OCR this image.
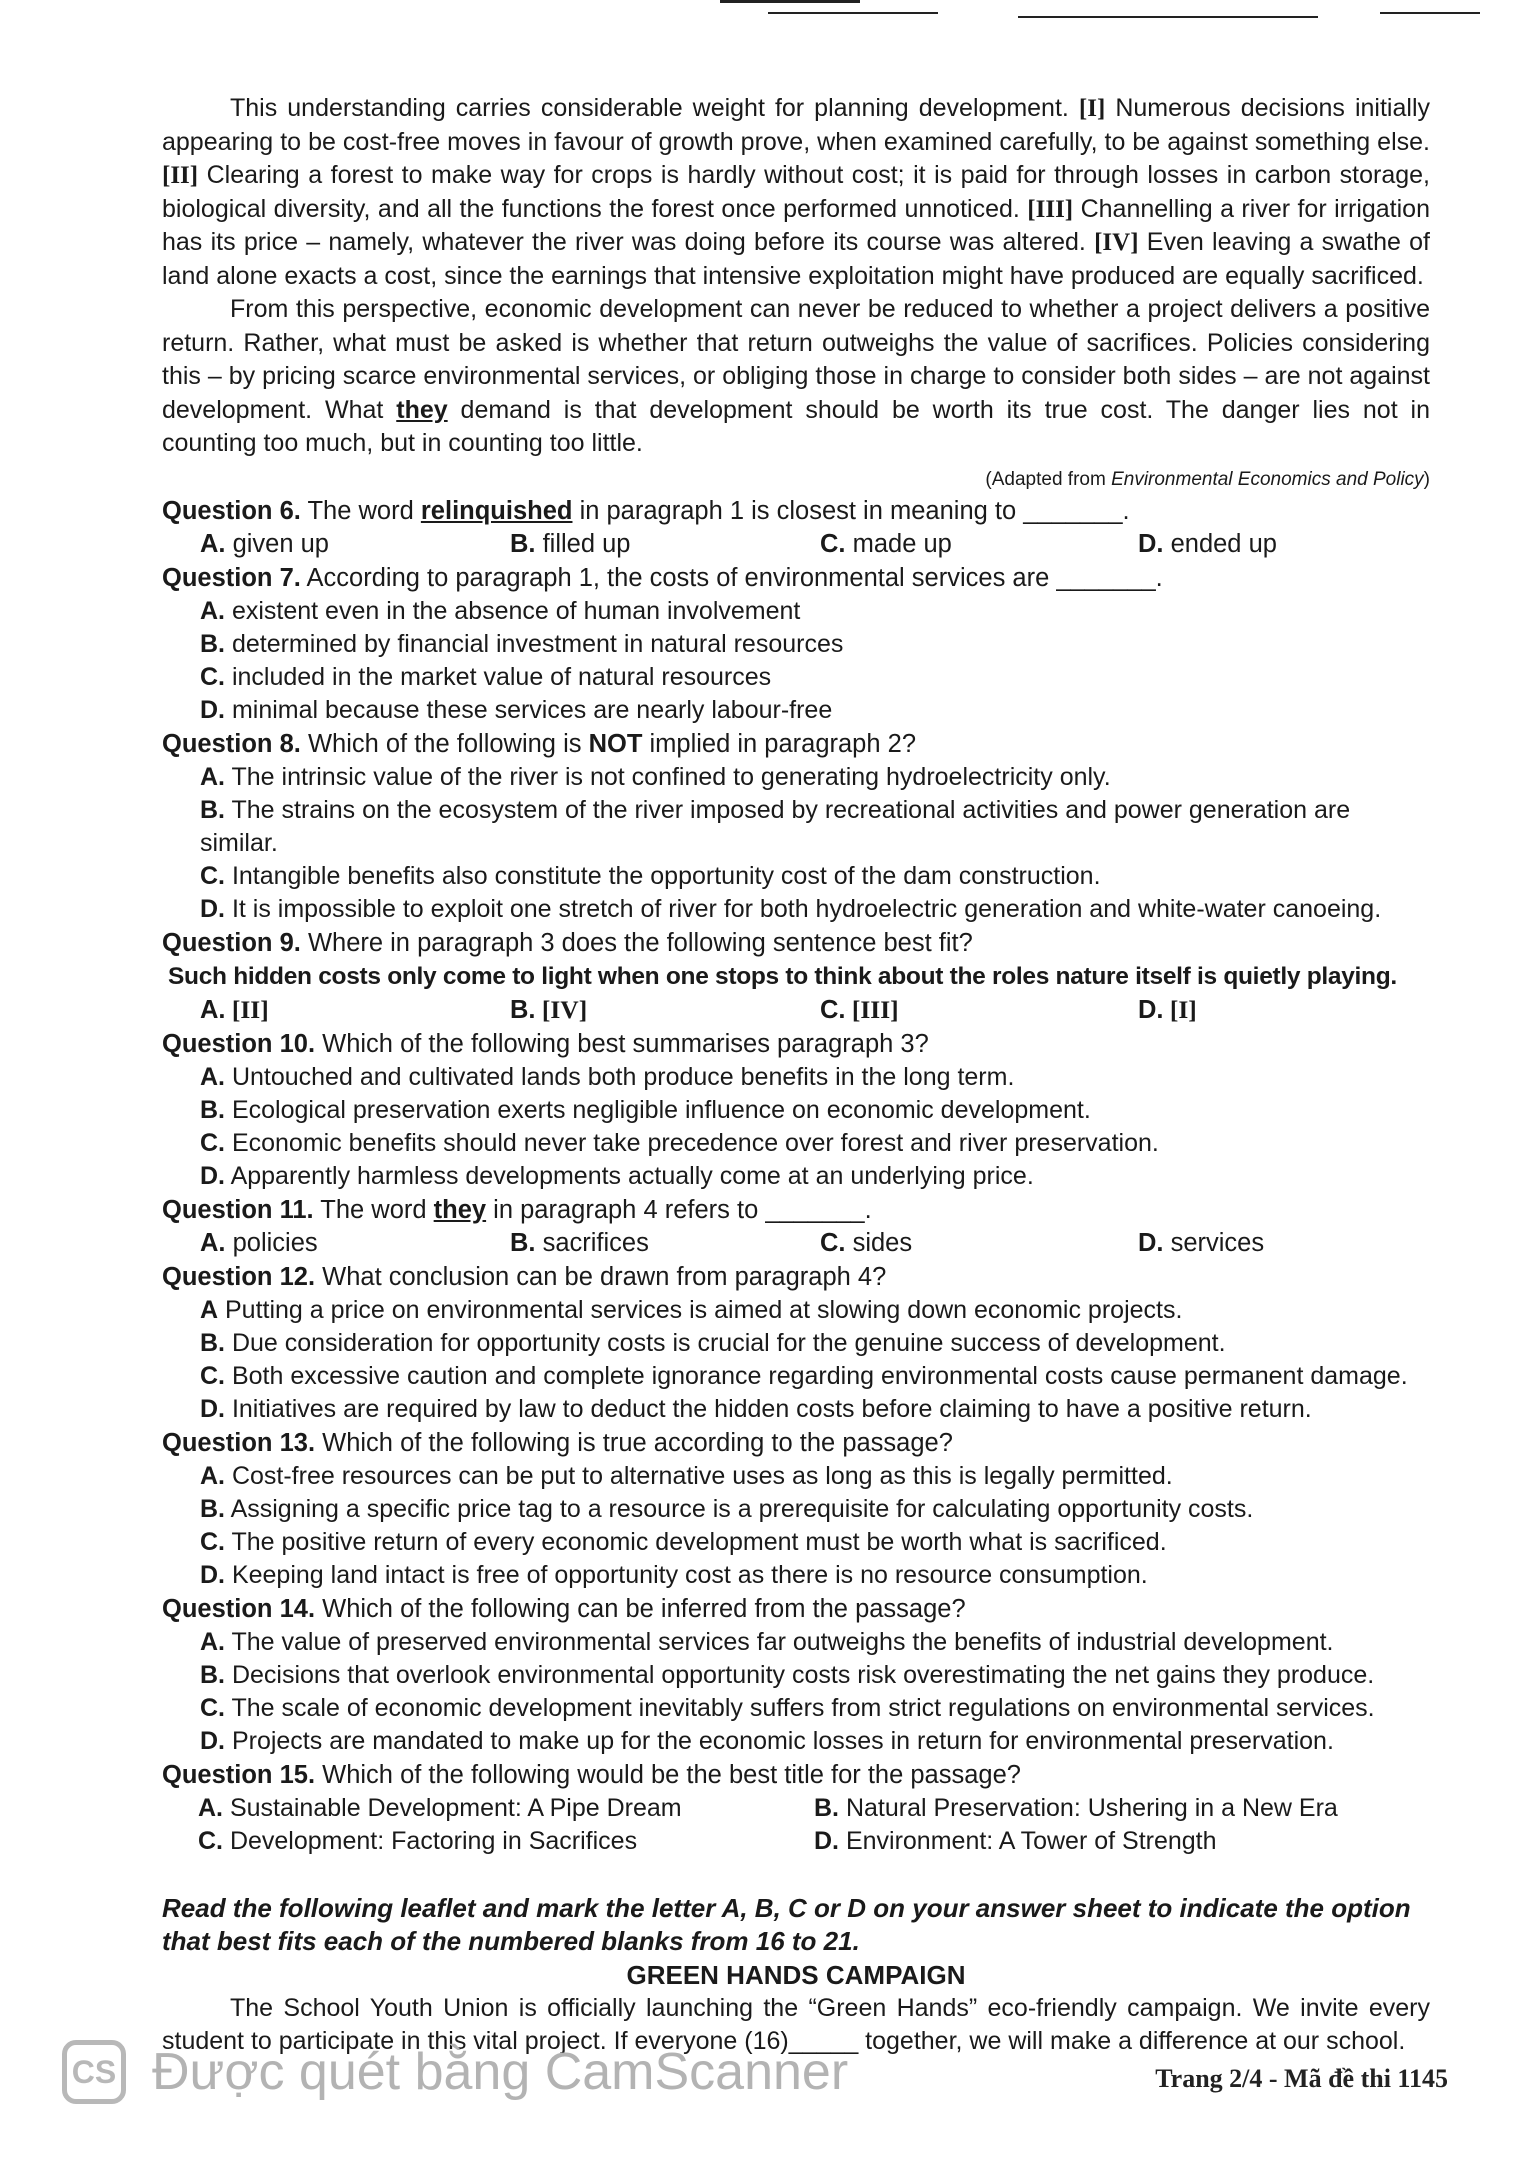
This understanding carries considerable weight for planning development. [I] Numerous decisions initially appearing to be cost-free moves in favour of growth prove, when examined carefully, to be against something else. [II] Clearing a forest to make way for crops is hardly without cost; it is paid for through losses in carbon storage, biological diversity, and all the functions the forest once performed unnoticed. [III] Channelling a river for irrigation has its price – namely, whatever the river was doing before its course was altered. [IV] Even leaving a swathe of land alone exacts a cost, since the earnings that intensive exploitation might have produced are equally sacrificed.

From this perspective, economic development can never be reduced to whether a project delivers a positive return. Rather, what must be asked is whether that return outweighs the value of sacrifices. Policies considering this – by pricing scarce environmental services, or obliging those in charge to consider both sides – are not against development. What they demand is that development should be worth its true cost. The danger lies not in counting too much, but in counting too little.

(Adapted from Environmental Economics and Policy)
Question 6. The word relinquished in paragraph 1 is closest in meaning to _______.
A. given up	B. filled up	C. made up	D. ended up
Question 7. According to paragraph 1, the costs of environmental services are _______.
A. existent even in the absence of human involvement
B. determined by financial investment in natural resources
C. included in the market value of natural resources
D. minimal because these services are nearly labour-free
Question 8. Which of the following is NOT implied in paragraph 2?
A. The intrinsic value of the river is not confined to generating hydroelectricity only.
B. The strains on the ecosystem of the river imposed by recreational activities and power generation are similar.
C. Intangible benefits also constitute the opportunity cost of the dam construction.
D. It is impossible to exploit one stretch of river for both hydroelectric generation and white-water canoeing.
Question 9. Where in paragraph 3 does the following sentence best fit?
Such hidden costs only come to light when one stops to think about the roles nature itself is quietly playing.
A. [II]	B. [IV]	C. [III]	D. [I]
Question 10. Which of the following best summarises paragraph 3?
A. Untouched and cultivated lands both produce benefits in the long term.
B. Ecological preservation exerts negligible influence on economic development.
C. Economic benefits should never take precedence over forest and river preservation.
D. Apparently harmless developments actually come at an underlying price.
Question 11. The word they in paragraph 4 refers to _______.
A. policies	B. sacrifices	C. sides	D. services
Question 12. What conclusion can be drawn from paragraph 4?
A Putting a price on environmental services is aimed at slowing down economic projects.
B. Due consideration for opportunity costs is crucial for the genuine success of development.
C. Both excessive caution and complete ignorance regarding environmental costs cause permanent damage.
D. Initiatives are required by law to deduct the hidden costs before claiming to have a positive return.
Question 13. Which of the following is true according to the passage?
A. Cost-free resources can be put to alternative uses as long as this is legally permitted.
B. Assigning a specific price tag to a resource is a prerequisite for calculating opportunity costs.
C. The positive return of every economic development must be worth what is sacrificed.
D. Keeping land intact is free of opportunity cost as there is no resource consumption.
Question 14. Which of the following can be inferred from the passage?
A. The value of preserved environmental services far outweighs the benefits of industrial development.
B. Decisions that overlook environmental opportunity costs risk overestimating the net gains they produce.
C. The scale of economic development inevitably suffers from strict regulations on environmental services.
D. Projects are mandated to make up for the economic losses in return for environmental preservation.
Question 15. Which of the following would be the best title for the passage?
A. Sustainable Development: A Pipe Dream	B. Natural Preservation: Ushering in a New Era
C. Development: Factoring in Sacrifices	D. Environment: A Tower of Strength
Read the following leaflet and mark the letter A, B, C or D on your answer sheet to indicate the option that best fits each of the numbered blanks from 16 to 21.
GREEN HANDS CAMPAIGN

The School Youth Union is officially launching the “Green Hands” eco-friendly campaign. We invite every student to participate in this vital project. If everyone (16)_____ together, we will make a difference at our school.

CS Được quét bằng CamScanner	Trang 2/4 - Mã đề thi 1145
